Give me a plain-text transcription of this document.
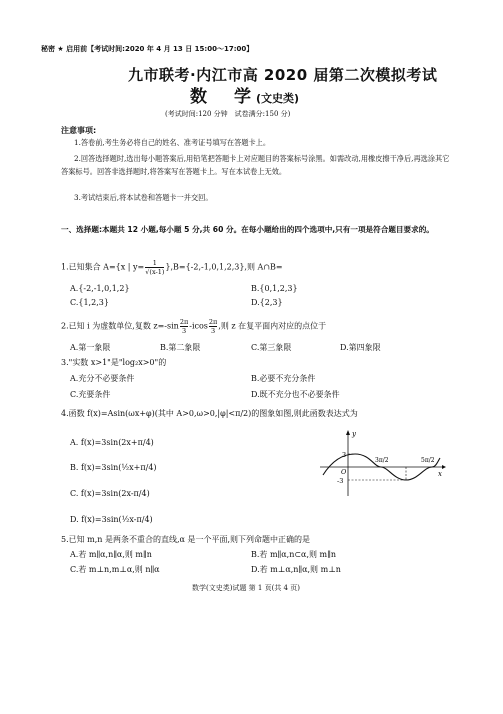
秘密 ★ 启用前【考试时间:2020 年 4 月 13 日 15:00～17:00】
九市联考·内江市高 2020 届第二次模拟考试
数　学(文史类)
(考试时间:120 分钟　试卷满分:150 分)
注意事项:
1.答卷前,考生务必将自己的姓名、准考证号填写在答题卡上。
2.回答选择题时,选出每小题答案后,用铅笔把答题卡上对应题目的答案标号涂黑。如需改动,用橡皮擦干净后,再选涂其它答案标号。回答非选择题时,将答案写在答题卡上。写在本试卷上无效。
3.考试结束后,将本试卷和答题卡一并交回。
一、选择题:本题共 12 小题,每小题 5 分,共 60 分。在每小题给出的四个选项中,只有一项是符合题目要求的。
1.已知集合 A={x | $y= \frac{1}{√(x-1)} \},B=\{-2,-1,0,1,2,3\}$,则 A∩B=
A.{-2,-1,0,1,2}	B.{0,1,2,3}
C.{1,2,3}	D.{2,3}
2.已知 i 为虚数单位,复数 $z=-\sin \frac{2\pi}{3} -icos \frac{2\pi}{3}$ ,则 z 在复平面内对应的点位于
A.第一象限	B.第二象限	C.第三象限	D.第四象限
3."实数 x>1"是"log₂x>0"的
A.充分不必要条件	B.必要不充分条件
C.充要条件	D.既不充分也不必要条件
4.函数 f(x)=Asin(ωx+φ)(其中 A>0,ω>0,|φ|<π/2)的图象如图,则此函数表达式为
A. f(x)=3sin(2x+π/4)
B. f(x)=3sin(½x+π/4)
C. f(x)=3sin(2x-π/4)
D. f(x)=3sin(½x-π/4)
y
x
O
3
-3
3π/2	5π/2
5.已知 m,n 是两条不重合的直线,α 是一个平面,则下列命题中正确的是
A.若 m∥α,n∥α,则 m∥n	B.若 m∥α,n⊂α,则 m∥n
C.若 m⊥n,m⊥α,则 n∥α	D.若 m⊥α,n∥α,则 m⊥n
数学(文史类)试题 第 1 页(共 4 页)
